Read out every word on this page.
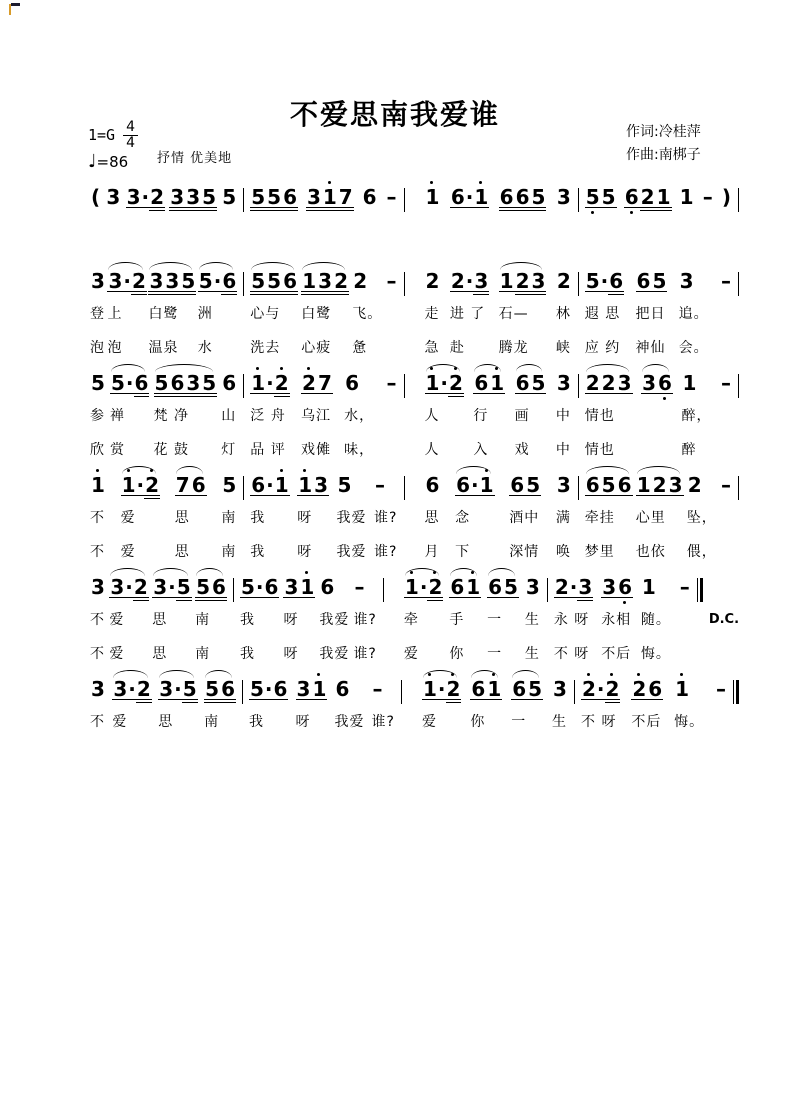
不爱思南我爱谁
$1=G \frac{4}{4}$
♩=86	抒情 优美地
作词:冷桂萍
作曲:南梆子
( 3 3·2 3 3 5 5 5 5 6 3 1 7 6 – 1 6·1 6 6 5 3 5 5 6 2 1 1 – )
3
登
泡
3·2
上
泡
3 3 5
白鹭
温泉
5·6
洲
水
5 5 6
心与
洗去
1 3 2
白鹭
心疲
2
飞。
惫
– 2
走
急
2·3
进 了
赴
1 2 3
石—
腾龙
2
林
峡
5·6
遐 思
应 约
6 5
把日
神仙
3
追。
会。
–
5
参
欣
5·6
禅
赏
5 6 3 5
梵 净
花 鼓
6
山
灯
1·2
泛 舟
品 评
2 7
乌江
戏傩
6
水，
味，
– 1·2
人
人
6 1
行
入
6 5
画
戏
3
中
中
2 2 3
情也
情也
3 6 1
醉，
醉
–
1
不
不
1·2
爱
爱
7 6
思
思
5
南
南
6·1
我
我
1 3
呀
呀
5
我爱
我爱
–
谁?
谁?
6
思
月
6·1
念
下
6 5
酒中
深情
3
满
唤
6 5 6
牵挂
梦里
1 2 3
心里
也依
2
坠，
偎，
–
3
不
不
3·2
爱
爱
3·5
思
思
5 6
南
南
5·6
我
我
3 1
呀
呀
6
我爱
我爱
–
谁?
谁?
1·2
牵
爱
6 1
手
你
6 5
一
一
3
生
生
2·3
永 呀
不 呀
3 6
永相
不后
1
随。
悔。
–
D.C.
3
不
3·2
爱
3·5
思
5 6
南
5·6
我
3 1
呀
6
我爱
–
谁?
1·2
爱
6 1
你
6 5
一
3
生
2·2
不 呀
2 6
不后
1
悔。
–
